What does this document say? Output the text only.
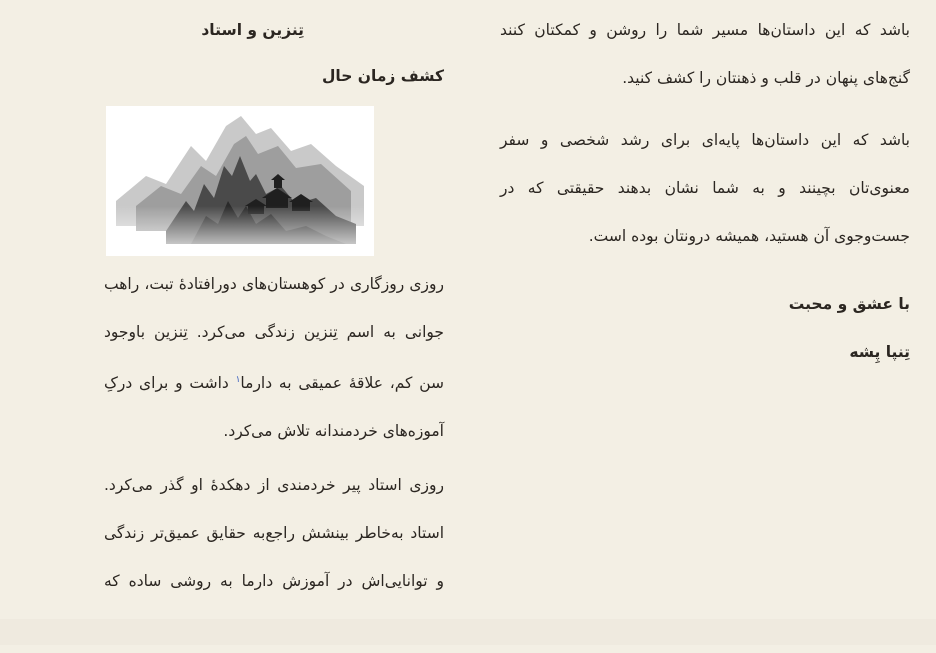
باشد که این داستان‌ها مسیر شما را روشن و کمکتان کنند گنج‌های پنهان در قلب و ذهنتان را کشف کنید.

باشد که این داستان‌ها پایه‌ای برای رشد شخصی و سفر معنوی‌تان بچینند و به شما نشان بدهند حقیقتی که در جست‌وجوی آن هستید، همیشه درونتان بوده است.

با عشق و محبت

تِنپا پِشه

تِنزین و استاد
کشف زمان حال

روزی روزگاری در کوهستان‌های دورافتادهٔ تبت، راهب جوانی به اسم تِنزین زندگی می‌کرد. تِنزین باوجود سن کم، علاقهٔ عمیقی به دارما$^۱$ داشت و برای درکِ آموزه‌های خردمندانه تلاش می‌کرد.

روزی استاد پیر خردمندی از دهکدهٔ او گذر می‌کرد. استاد به‌خاطر بینشش راجع‌به حقایق عمیق‌تر زندگی و توانایی‌اش در آموزش دارما به روشی ساده که
